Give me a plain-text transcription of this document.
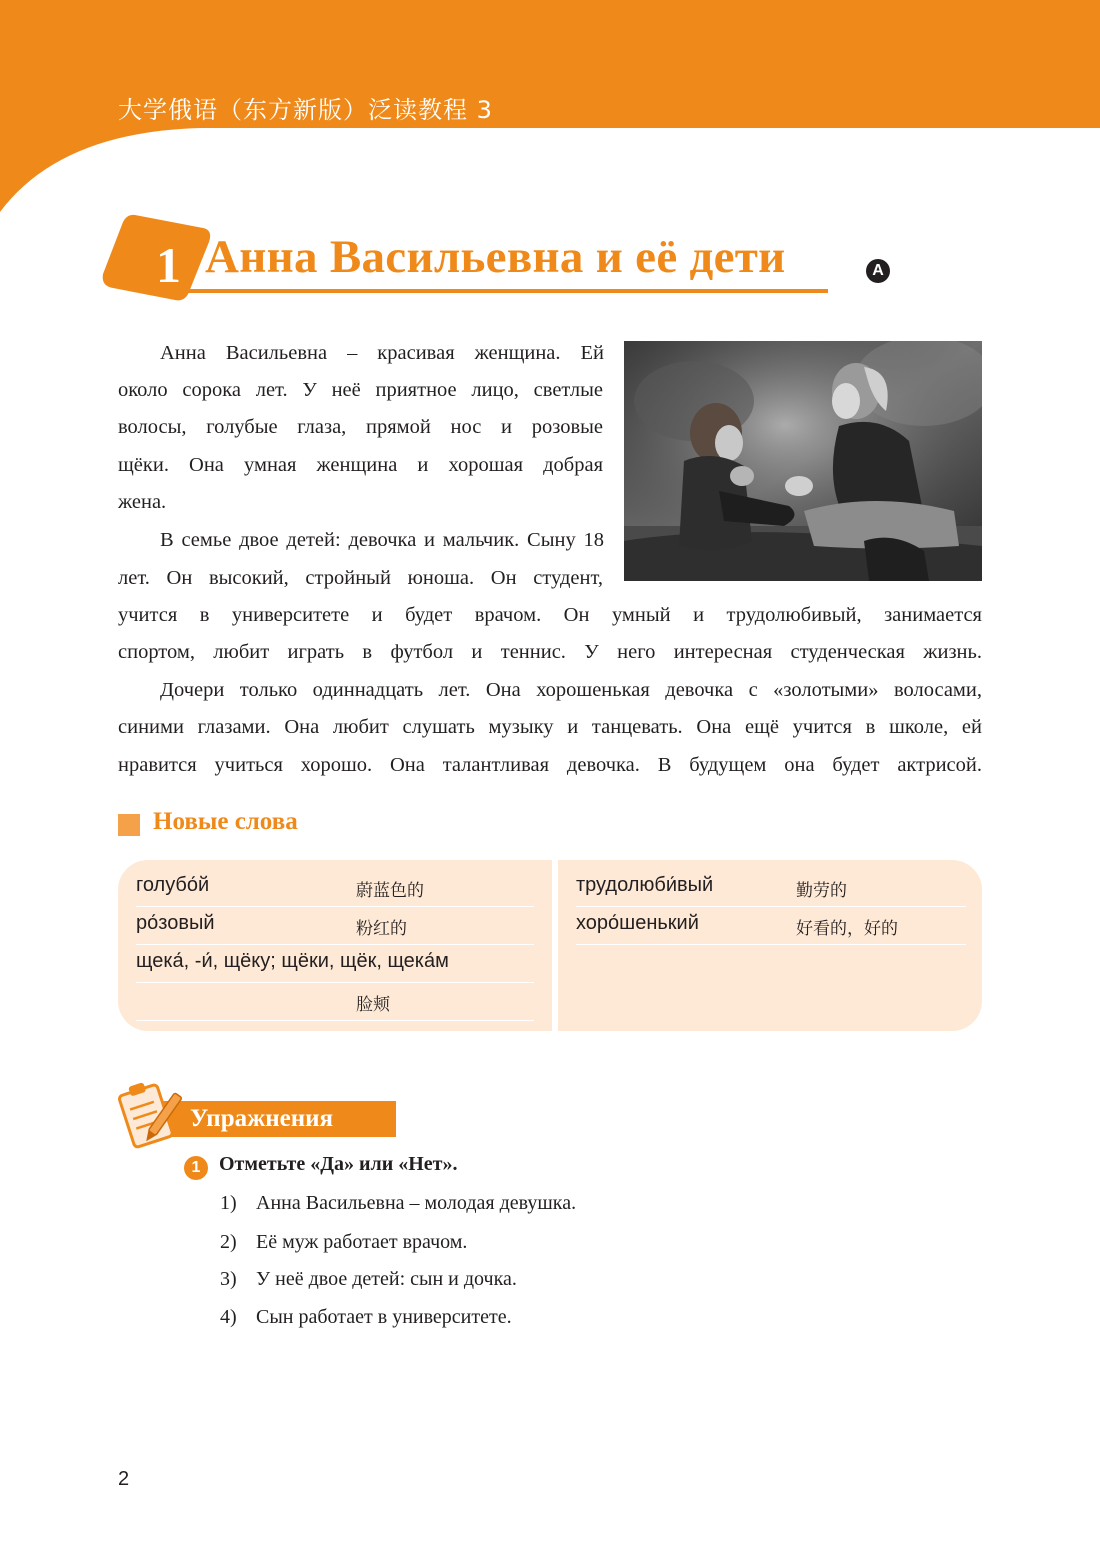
大学俄语（东方新版）泛读教程 3
1 Анна Васильевна и её дети	A
Анна Васильевна – красивая женщина. Ей
около сорока лет. У неё приятное лицо, светлые
волосы, голубые глаза, прямой нос и розовые
щёки. Она умная женщина и хорошая добрая
жена.
В семье двое детей: девочка и мальчик. Сыну 18
лет. Он высокий, стройный юноша. Он студент,
учится в университете и будет врачом. Он умный и трудолюбивый, занимается
спортом, любит играть в футбол и теннис. У него интересная студенческая жизнь.
Дочери только одиннадцать лет. Она хорошенькая девочка с «золотыми» волосами,
синими глазами. Она любит слушать музыку и танцевать. Она ещё учится в школе, ей
нравится учиться хорошо. Она талантливая девочка. В будущем она будет актрисой.
Новые слова
голубо́й	蔚蓝色的
ро́зовый	粉红的
щека́, -и́, щёку; щёки, щёк, щека́м
脸颊
трудолюби́вый	勤劳的
хоро́шенький	好看的，好的
Упражнения
1 Отметьте «Да» или «Нет».
1) Анна Васильевна – молодая девушка.
2) Её муж работает врачом.
3) У неё двое детей: сын и дочка.
4) Сын работает в университете.
2
